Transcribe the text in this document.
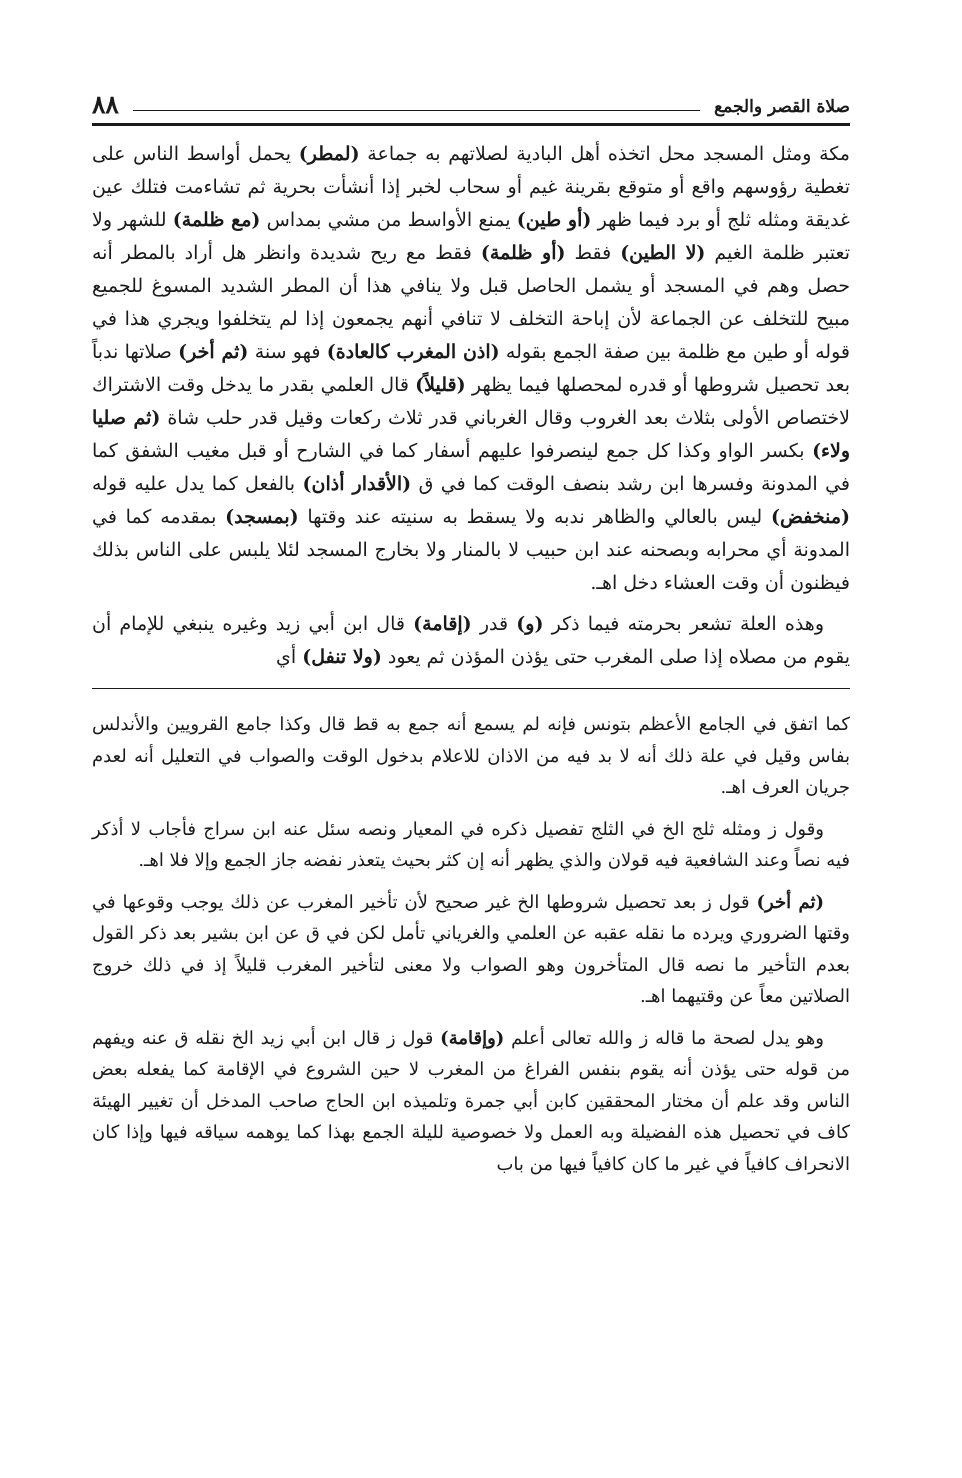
صلاة القصر والجمع
٨٨

مكة ومثل المسجد محل اتخذه أهل البادية لصلاتهم به جماعة (لمطر) يحمل أواسط الناس على تغطية رؤوسهم واقع أو متوقع بقرينة غيم أو سحاب لخبر إذا أنشأت بحرية ثم تشاءمت فتلك عين غديقة ومثله ثلج أو برد فيما ظهر (أو طين) يمنع الأواسط من مشي بمداس (مع ظلمة) للشهر ولا تعتبر ظلمة الغيم (لا الطين) فقط (أو ظلمة) فقط مع ريح شديدة وانظر هل أراد بالمطر أنه حصل وهم في المسجد أو يشمل الحاصل قبل ولا ينافي هذا أن المطر الشديد المسوغ للجميع مبيح للتخلف عن الجماعة لأن إباحة التخلف لا تنافي أنهم يجمعون إذا لم يتخلفوا ويجري هذا في قوله أو طين مع ظلمة بين صفة الجمع بقوله (اذن المغرب كالعادة) فهو سنة (ثم أخر) صلاتها ندباً بعد تحصيل شروطها أو قدره لمحصلها فيما يظهر (قليلاً) قال العلمي بقدر ما يدخل وقت الاشتراك لاختصاص الأولى بثلاث بعد الغروب وقال الغرباني قدر ثلاث ركعات وقيل قدر حلب شاة (ثم صليا ولاء) بكسر الواو وكذا كل جمع لينصرفوا عليهم أسفار كما في الشارح أو قبل مغيب الشفق كما في المدونة وفسرها ابن رشد بنصف الوقت كما في ق (الأقدار أذان) بالفعل كما يدل عليه قوله (منخفض) ليس بالعالي والظاهر ندبه ولا يسقط به سنيته عند وقتها (بمسجد) بمقدمه كما في المدونة أي محرابه وبصحنه عند ابن حبيب لا بالمنار ولا بخارج المسجد لئلا يلبس على الناس بذلك فيظنون أن وقت العشاء دخل اهـ.

وهذه العلة تشعر بحرمته فيما ذكر (و) قدر (إقامة) قال ابن أبي زيد وغيره ينبغي للإمام أن يقوم من مصلاه إذا صلى المغرب حتى يؤذن المؤذن ثم يعود (ولا تنفل) أي

كما اتفق في الجامع الأعظم بتونس فإنه لم يسمع أنه جمع به قط قال وكذا جامع القرويين والأندلس بفاس وقيل في علة ذلك أنه لا بد فيه من الاذان للاعلام بدخول الوقت والصواب في التعليل أنه لعدم جريان العرف اهـ.

وقول ز ومثله ثلج الخ في الثلج تفصيل ذكره في المعيار ونصه سئل عنه ابن سراج فأجاب لا أذكر فيه نصاً وعند الشافعية فيه قولان والذي يظهر أنه إن كثر بحيث يتعذر نفضه جاز الجمع وإلا فلا اهـ.

(ثم أخر) قول ز بعد تحصيل شروطها الخ غير صحيح لأن تأخير المغرب عن ذلك يوجب وقوعها في وقتها الضروري ويرده ما نقله عقبه عن العلمي والغرياني تأمل لكن في ق عن ابن بشير بعد ذكر القول بعدم التأخير ما نصه قال المتأخرون وهو الصواب ولا معنى لتأخير المغرب قليلاً إذ في ذلك خروج الصلاتين معاً عن وقتيهما اهـ.

وهو يدل لصحة ما قاله ز والله تعالى أعلم (وإقامة) قول ز قال ابن أبي زيد الخ نقله ق عنه ويفهم من قوله حتى يؤذن أنه يقوم بنفس الفراغ من المغرب لا حين الشروع في الإقامة كما يفعله بعض الناس وقد علم أن مختار المحققين كابن أبي جمرة وتلميذه ابن الحاج صاحب المدخل أن تغيير الهيئة كاف في تحصيل هذه الفضيلة وبه العمل ولا خصوصية لليلة الجمع بهذا كما يوهمه سياقه فيها وإذا كان الانحراف كافياً في غير ما كان كافياً فيها من باب
